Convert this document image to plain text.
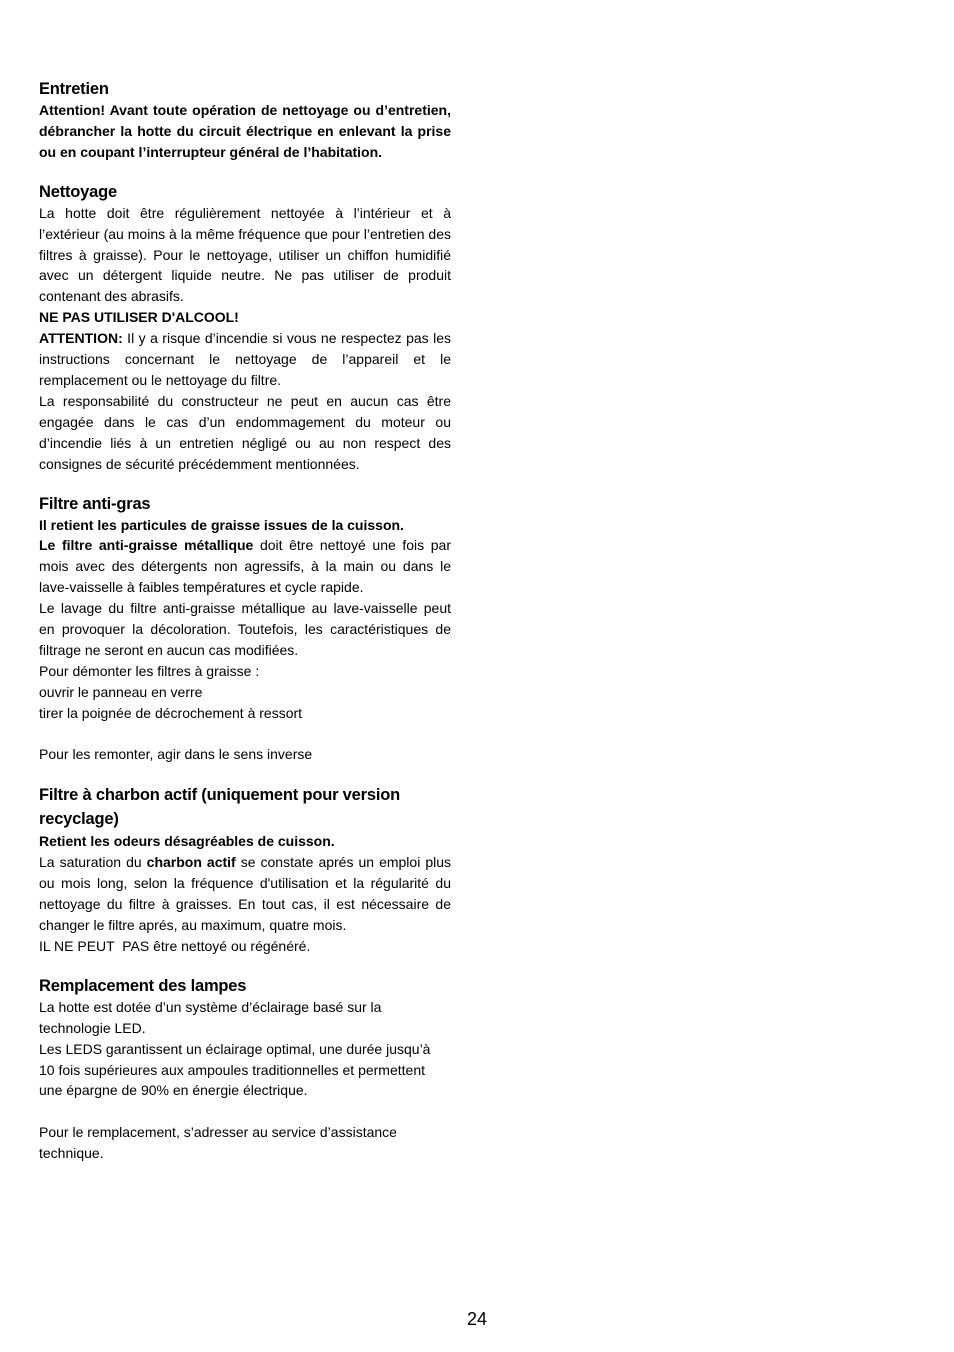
Entretien

Attention! Avant toute opération de nettoyage ou d’entretien, débrancher la hotte du circuit électrique en enlevant la prise ou en coupant l’interrupteur général de l’habitation.

Nettoyage

La hotte doit être régulièrement nettoyée à l’intérieur et à l’extérieur (au moins à la même fréquence que pour l’entretien des filtres à graisse). Pour le nettoyage, utiliser un chiffon humidifié avec un détergent liquide neutre. Ne pas utiliser de produit contenant des abrasifs.

NE PAS UTILISER D'ALCOOL!

ATTENTION: Il y a risque d’incendie si vous ne respectez pas les instructions concernant le nettoyage de l’appareil et le remplacement ou le nettoyage du filtre.

La responsabilité du constructeur ne peut en aucun cas être engagée dans le cas d’un endommagement du moteur ou d’incendie liés à un entretien négligé ou au non respect des consignes de sécurité précédemment mentionnées.

Filtre anti-gras

Il retient les particules de graisse issues de la cuisson.

Le filtre anti-graisse métallique doit être nettoyé une fois par mois avec des détergents non agressifs, à la main ou dans le lave-vaisselle à faibles températures et cycle rapide.

Le lavage du filtre anti-graisse métallique au lave-vaisselle peut en provoquer la décoloration. Toutefois, les caractéristiques de filtrage ne seront en aucun cas modifiées.

Pour démonter les filtres à graisse :

ouvrir le panneau en verre

tirer la poignée de décrochement à ressort

Pour les remonter, agir dans le sens inverse

Filtre à charbon actif (uniquement pour version recyclage)

Retient les odeurs désagréables de cuisson.

La saturation du charbon actif se constate aprés un emploi plus ou mois long, selon la fréquence d'utilisation et la régularité du nettoyage du filtre à graisses. En tout cas, il est nécessaire de changer le filtre aprés, au maximum, quatre mois.

IL NE PEUT  PAS être nettoyé ou régénéré.

Remplacement des lampes

La hotte est dotée d’un système d’éclairage basé sur la technologie LED.

Les LEDS garantissent un éclairage optimal, une durée jusqu’à 10 fois supérieures aux ampoules traditionnelles et permettent une épargne de 90% en énergie électrique.

Pour le remplacement, s’adresser au service d’assistance technique.

24
